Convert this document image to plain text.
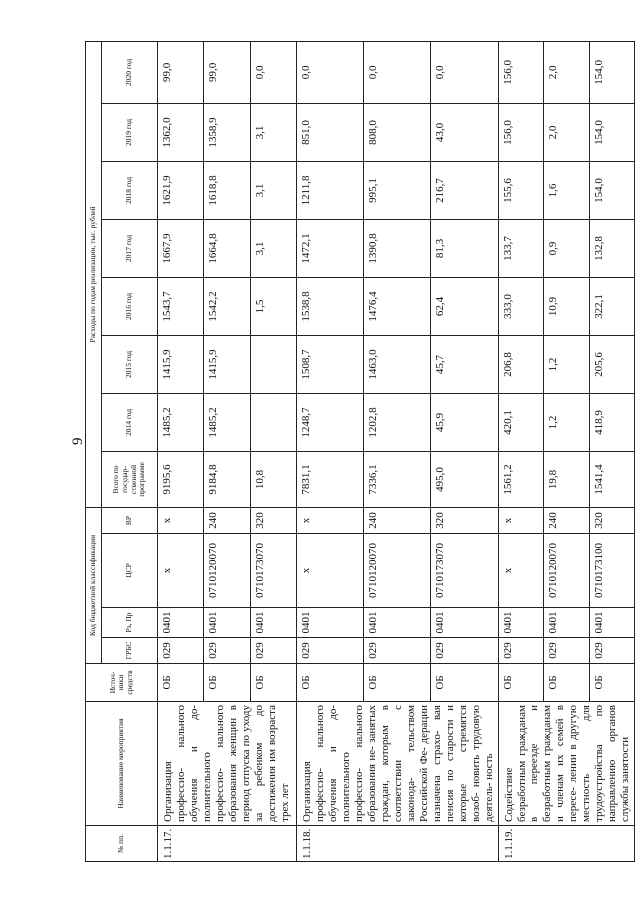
9
№ пп.	Наименование мероприятия	Источ- ники средств	Код бюджетной классификации				Расходы по годам реализации, тыс. рублей							
			ГРБС	Рз, Пр	ЦСР	ВР	Всего по государ- ственной программе	2014 год	2015 год	2016 год	2017 год	2018 год	2019 год	2020 год
1.1.17.	Организация профессио- нального обучения и до- полнительного профессио- нального образования женщин в период отпуска по уходу за ребенком до достижения им возраста трех лет	ОБ	029	0401	х	х	9195,6	1485,2	1415,9	1543,7	1667,9	1621,9	1362,0	99,0
		ОБ	029	0401	0710120070	240	9184,8	1485,2	1415,9	1542,2	1664,8	1618,8	1358,9	99,0
		ОБ	029	0401	0710173070	320	10,8			1,5	3,1	3,1	3,1	0,0
1.1.18.	Организация профессио- нального обучения и до- полнительного профессио- нального образования не- занятых граждан, которым в соответствии с законода- тельством Российской Фе- дерации назначена страхо- вая пенсия по старости и которые стремятся возоб- новить трудовую деятель- ность	ОБ	029	0401	х	х	7831,1	1248,7	1508,7	1538,8	1472,1	1211,8	851,0	0,0
		ОБ	029	0401	0710120070	240	7336,1	1202,8	1463,0	1476,4	1390,8	995,1	808,0	0,0
		ОБ	029	0401	0710173070	320	495,0	45,9	45,7	62,4	81,3	216,7	43,0	0,0
1.1.19.	Содействие безработным гражданам в переезде и безработным гражданам и членам их семей в пересе- лении в другую местность для трудоустройства по направлению органов службы занятости	ОБ	029	0401	х	х	1561,2	420,1	206,8	333,0	133,7	155,6	156,0	156,0
		ОБ	029	0401	0710120070	240	19,8	1,2	1,2	10,9	0,9	1,6	2,0	2,0
		ОБ	029	0401	0710173100	320	1541,4	418,9	205,6	322,1	132,8	154,0	154,0	154,0
